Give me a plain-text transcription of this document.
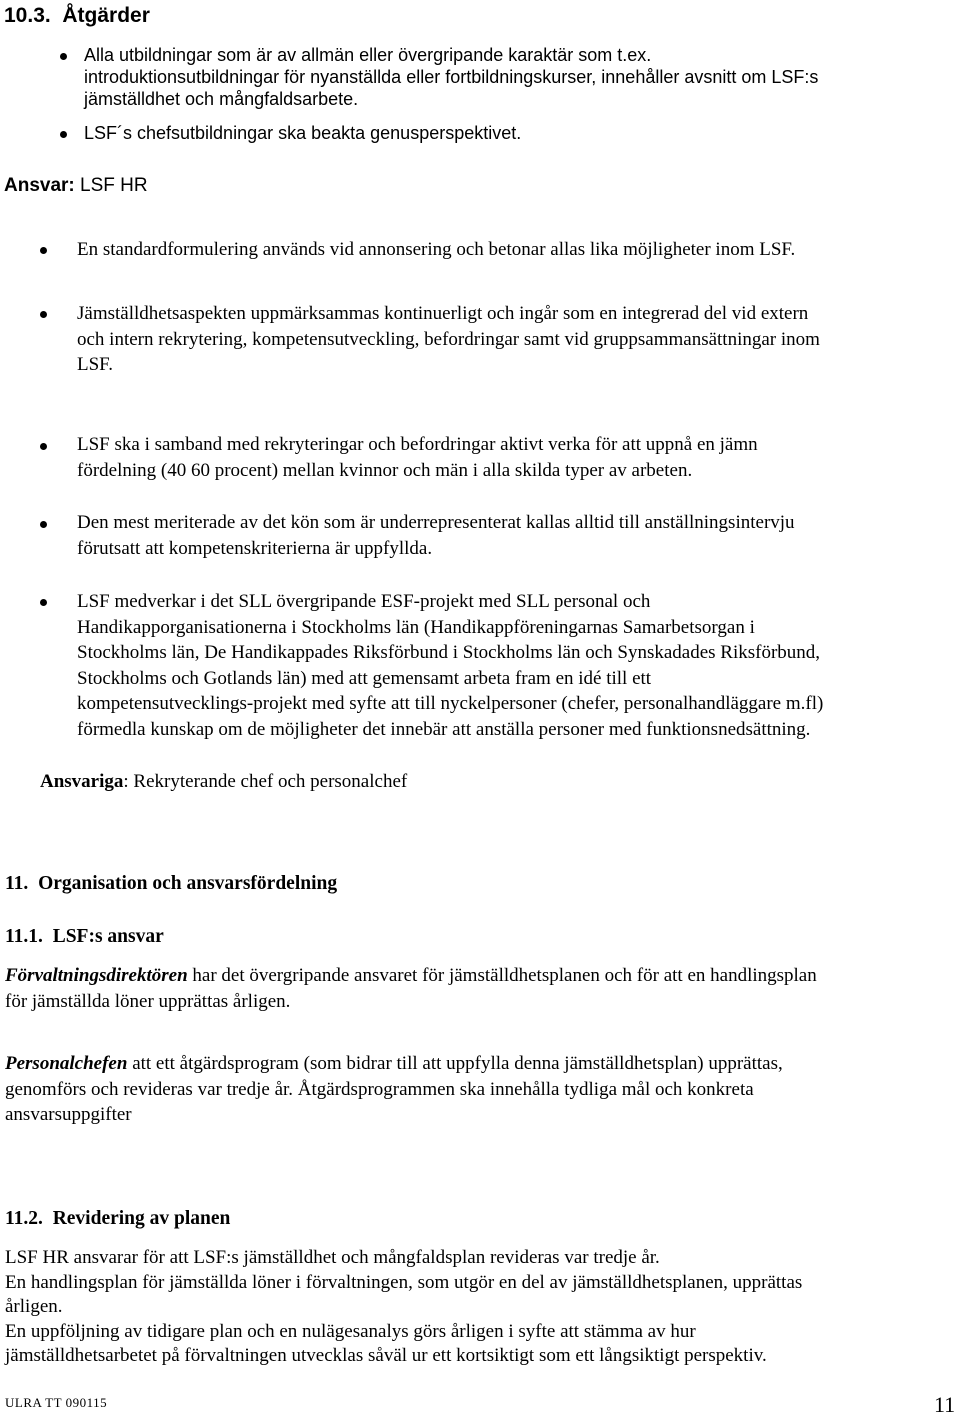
10.3. Åtgärder
Alla utbildningar som är av allmän eller övergripande karaktär som t.ex.
introduktionsutbildningar för nyanställda eller fortbildningskurser, innehåller avsnitt om LSF:s
jämställdhet och mångfaldsarbete.
LSF´s chefsutbildningar ska beakta genusperspektivet.
Ansvar: LSF HR
En standardformulering används vid annonsering och betonar allas lika möjligheter inom LSF.
Jämställdhetsaspekten uppmärksammas kontinuerligt och ingår som en integrerad del vid extern
och intern rekrytering, kompetensutveckling, befordringar samt vid gruppsammansättningar inom
LSF.
LSF ska i samband med rekryteringar och befordringar aktivt verka för att uppnå en jämn
fördelning (40 60 procent) mellan kvinnor och män i alla skilda typer av arbeten.
Den mest meriterade av det kön som är underrepresenterat kallas alltid till anställningsintervju
förutsatt att kompetenskriterierna är uppfyllda.
LSF medverkar i det SLL övergripande ESF-projekt med SLL personal och
Handikapporganisationerna i Stockholms län (Handikappföreningarnas Samarbetsorgan i
Stockholms län, De Handikappades Riksförbund i Stockholms län och Synskadades Riksförbund,
Stockholms och Gotlands län) med att gemensamt arbeta fram en idé till ett
kompetensutvecklings-projekt med syfte att till nyckelpersoner (chefer, personalhandläggare m.fl)
förmedla kunskap om de möjligheter det innebär att anställa personer med funktionsnedsättning.
Ansvariga: Rekryterande chef och personalchef
11. Organisation och ansvarsfördelning
11.1. LSF:s ansvar
Förvaltningsdirektören har det övergripande ansvaret för jämställdhetsplanen och för att en handlingsplan
för jämställda löner upprättas årligen.
Personalchefen att ett åtgärdsprogram (som bidrar till att uppfylla denna jämställdhetsplan) upprättas,
genomförs och revideras var tredje år. Åtgärdsprogrammen ska innehålla tydliga mål och konkreta
ansvarsuppgifter
11.2. Revidering av planen
LSF HR ansvarar för att LSF:s jämställdhet och mångfaldsplan revideras var tredje år.
En handlingsplan för jämställda löner i förvaltningen, som utgör en del av jämställdhetsplanen, upprättas
årligen.
En uppföljning av tidigare plan och en nulägesanalys görs årligen i syfte att stämma av hur
jämställdhetsarbetet på förvaltningen utvecklas såväl ur ett kortsiktigt som ett långsiktigt perspektiv.
ULRA TT 090115	11
